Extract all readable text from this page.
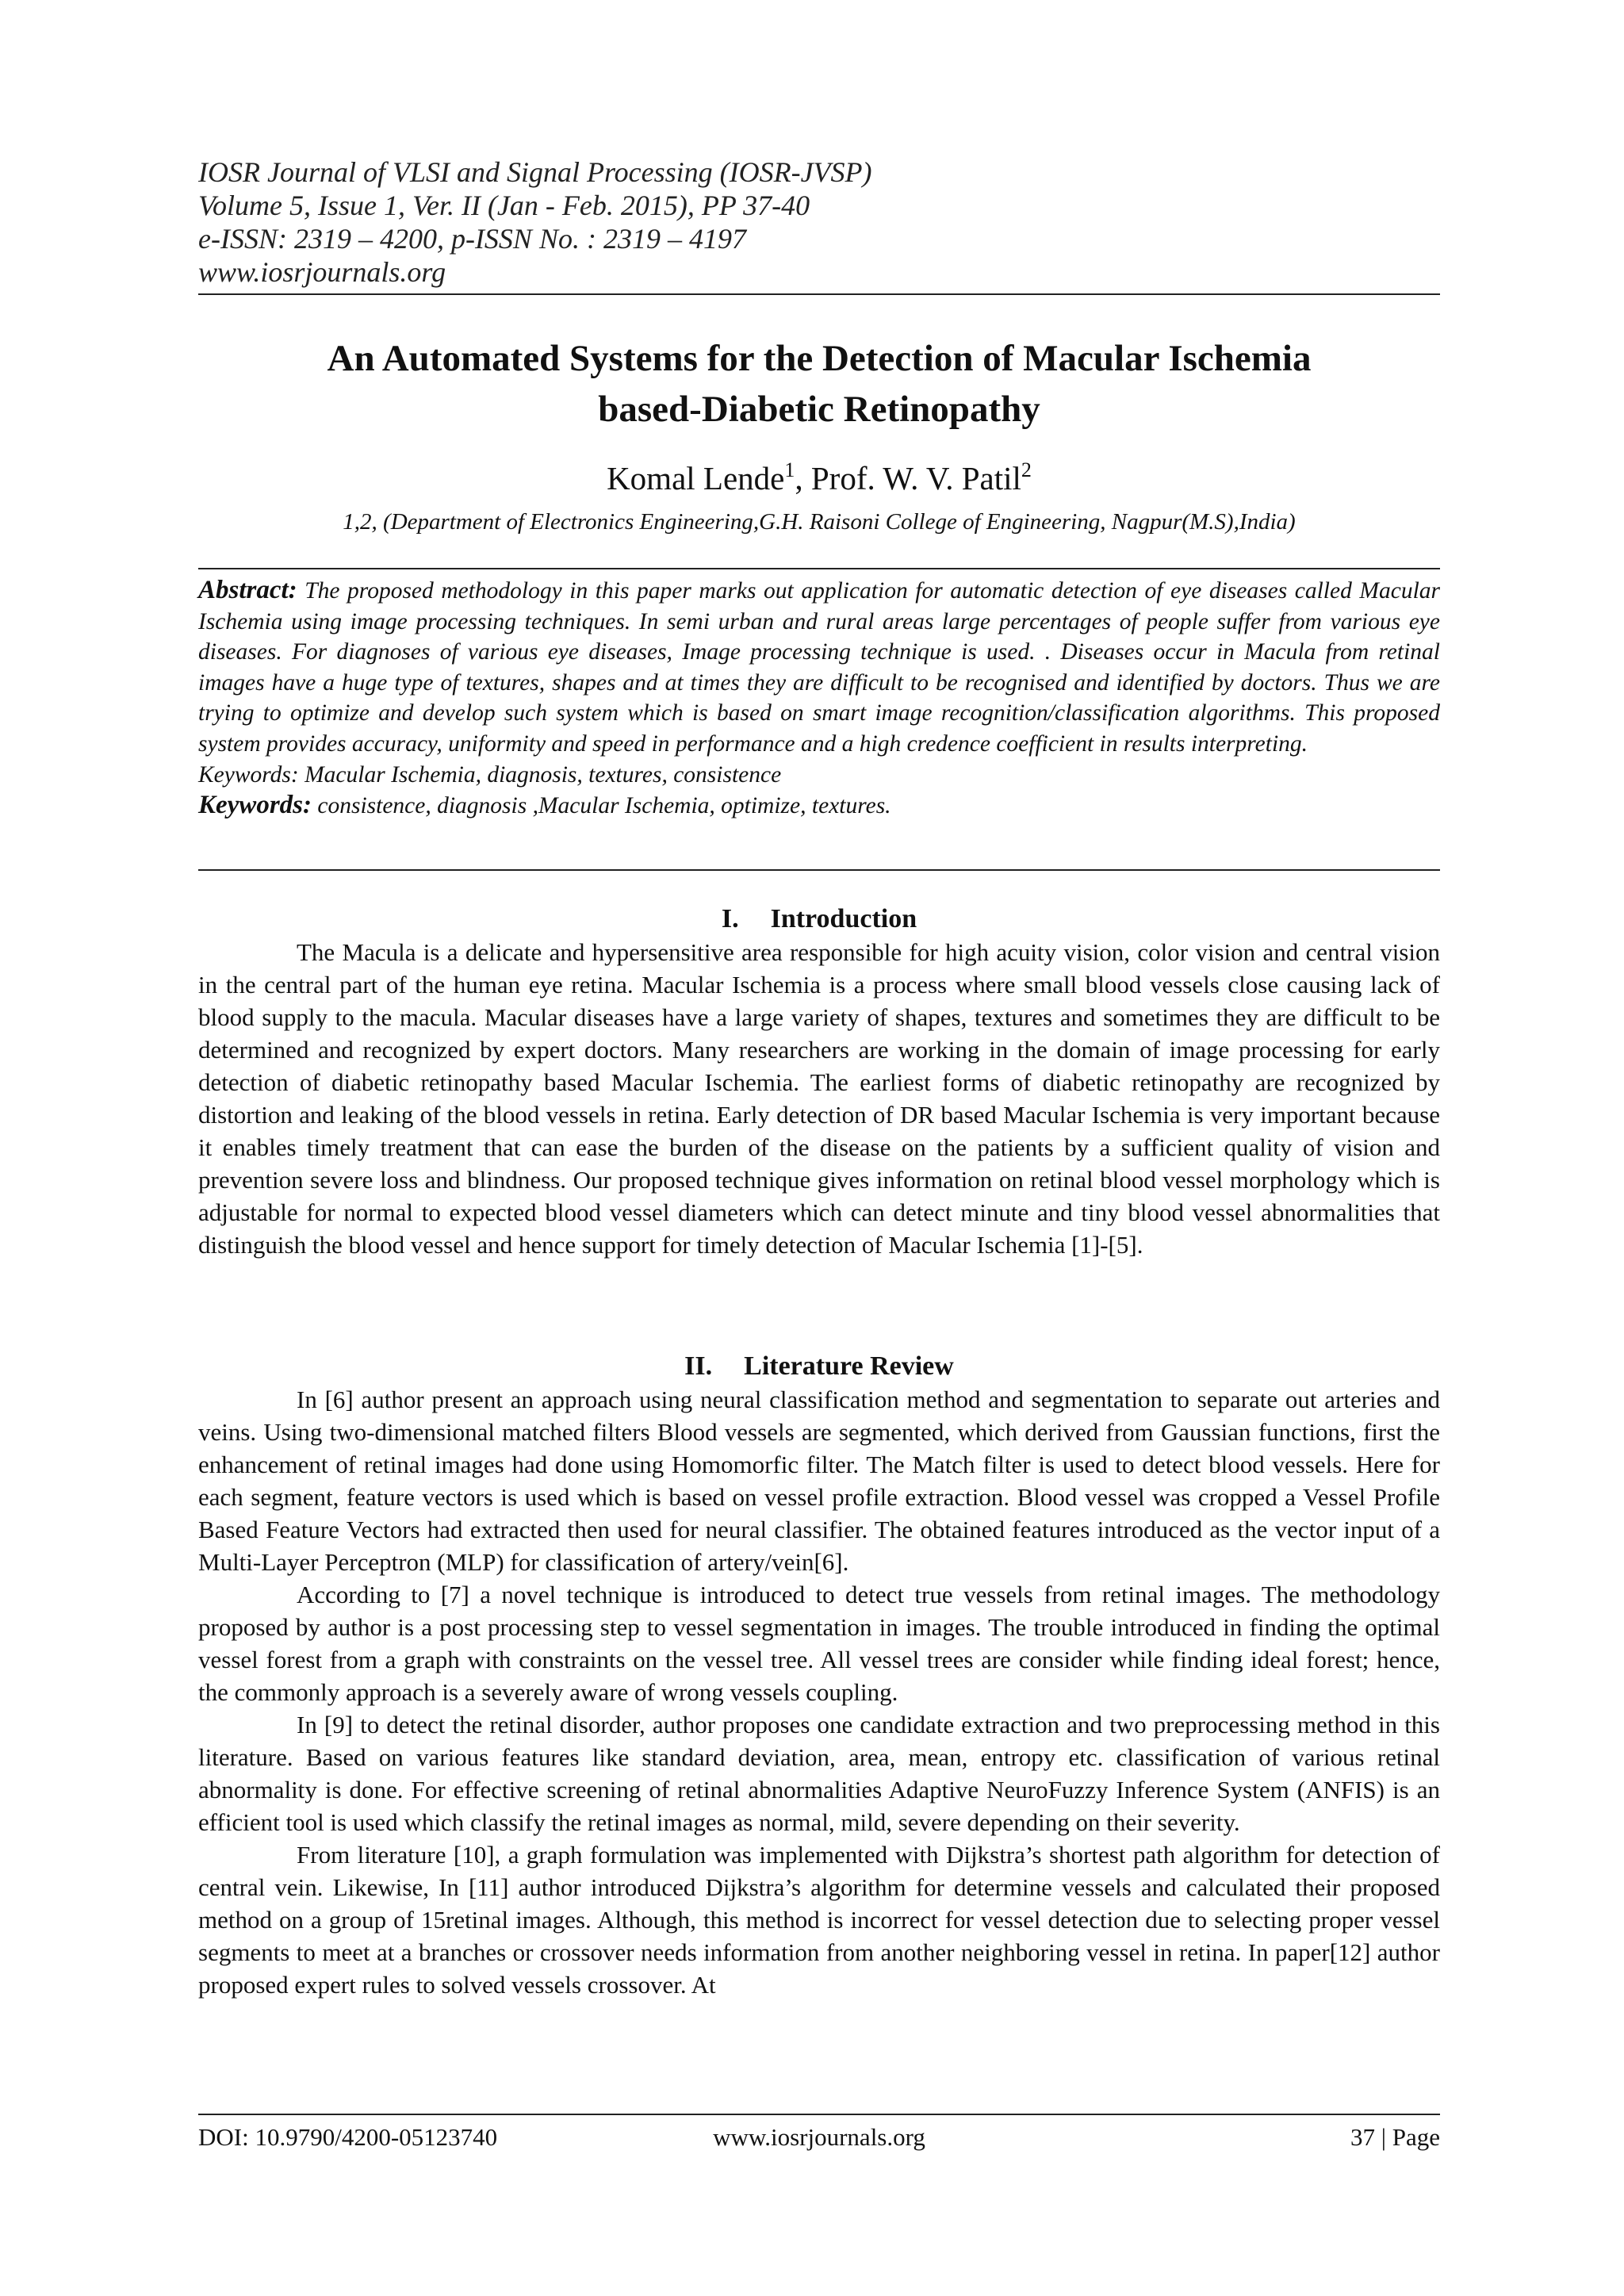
IOSR Journal of VLSI and Signal Processing (IOSR-JVSP)
Volume 5, Issue 1, Ver. II (Jan - Feb. 2015), PP 37-40
e-ISSN: 2319 – 4200, p-ISSN No. : 2319 – 4197
www.iosrjournals.org
An Automated Systems for the Detection of Macular Ischemia
based-Diabetic Retinopathy
Komal Lende$^1$, Prof. W. V. Patil$^2$
1,2, (Department of Electronics Engineering,G.H. Raisoni College of Engineering, Nagpur(M.S),India)

Abstract: The proposed methodology in this paper marks out application for automatic detection of eye diseases called Macular Ischemia using image processing techniques. In semi urban and rural areas large percentages of people suffer from various eye diseases. For diagnoses of various eye diseases, Image processing technique is used. . Diseases occur in Macula from retinal images have a huge type of textures, shapes and at times they are difficult to be recognised and identified by doctors. Thus we are trying to optimize and develop such system which is based on smart image recognition/classification algorithms. This proposed system provides accuracy, uniformity and speed in performance and a high credence coefficient in results interpreting.

Keywords: Macular Ischemia, diagnosis, textures, consistence

Keywords: consistence, diagnosis ,Macular Ischemia, optimize, textures.

I. Introduction

The Macula is a delicate and hypersensitive area responsible for high acuity vision, color vision and central vision in the central part of the human eye retina. Macular Ischemia is a process where small blood vessels close causing lack of blood supply to the macula. Macular diseases have a large variety of shapes, textures and sometimes they are difficult to be determined and recognized by expert doctors. Many researchers are working in the domain of image processing for early detection of diabetic retinopathy based Macular Ischemia. The earliest forms of diabetic retinopathy are recognized by distortion and leaking of the blood vessels in retina. Early detection of DR based Macular Ischemia is very important because it enables timely treatment that can ease the burden of the disease on the patients by a sufficient quality of vision and prevention severe loss and blindness. Our proposed technique gives information on retinal blood vessel morphology which is adjustable for normal to expected blood vessel diameters which can detect minute and tiny blood vessel abnormalities that distinguish the blood vessel and hence support for timely detection of Macular Ischemia [1]-[5].

II. Literature Review

In [6] author present an approach using neural classification method and segmentation to separate out arteries and veins. Using two-dimensional matched filters Blood vessels are segmented, which derived from Gaussian functions, first the enhancement of retinal images had done using Homomorfic filter. The Match filter is used to detect blood vessels. Here for each segment, feature vectors is used which is based on vessel profile extraction. Blood vessel was cropped a Vessel Profile Based Feature Vectors had extracted then used for neural classifier. The obtained features introduced as the vector input of a Multi-Layer Perceptron (MLP) for classification of artery/vein[6].

According to [7] a novel technique is introduced to detect true vessels from retinal images. The methodology proposed by author is a post processing step to vessel segmentation in images. The trouble introduced in finding the optimal vessel forest from a graph with constraints on the vessel tree. All vessel trees are consider while finding ideal forest; hence, the commonly approach is a severely aware of wrong vessels coupling.

In [9] to detect the retinal disorder, author proposes one candidate extraction and two preprocessing method in this literature. Based on various features like standard deviation, area, mean, entropy etc. classification of various retinal abnormality is done. For effective screening of retinal abnormalities Adaptive NeuroFuzzy Inference System (ANFIS) is an efficient tool is used which classify the retinal images as normal, mild, severe depending on their severity.

From literature [10], a graph formulation was implemented with Dijkstra’s shortest path algorithm for detection of central vein. Likewise, In [11] author introduced Dijkstra’s algorithm for determine vessels and calculated their proposed method on a group of 15retinal images. Although, this method is incorrect for vessel detection due to selecting proper vessel segments to meet at a branches or crossover needs information from another neighboring vessel in retina. In paper[12] author proposed expert rules to solved vessels crossover. At

DOI: 10.9790/4200-05123740	www.iosrjournals.org	37 | Page
